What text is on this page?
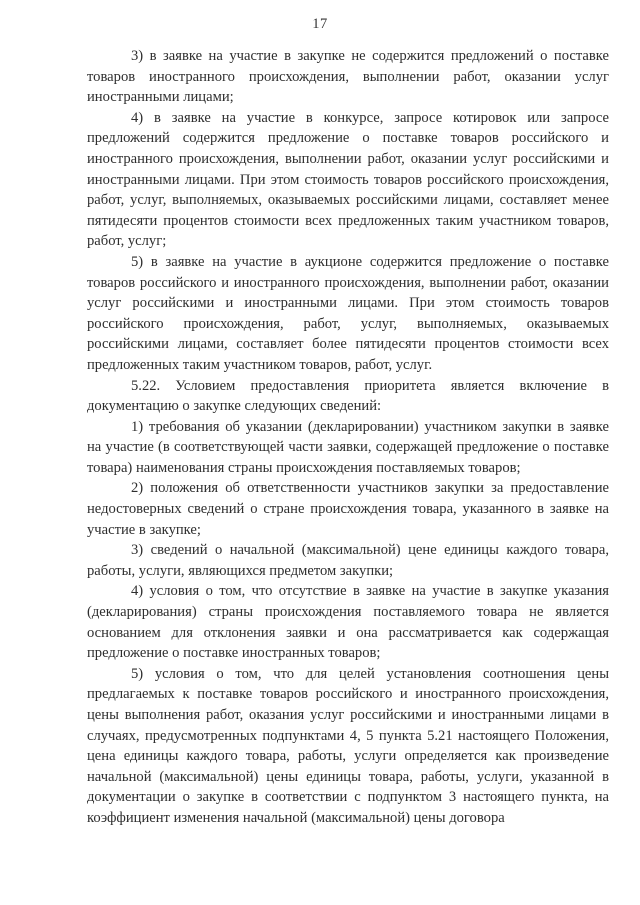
17

3) в заявке на участие в закупке не содержится предложений о поставке товаров иностранного происхождения, выполнении работ, оказании услуг иностранными лицами;

4) в заявке на участие в конкурсе, запросе котировок или запросе предложений содержится предложение о поставке товаров российского и иностранного происхождения, выполнении работ, оказании услуг российскими и иностранными лицами. При этом стоимость товаров российского происхождения, работ, услуг, выполняемых, оказываемых российскими лицами, составляет менее пятидесяти процентов стоимости всех предложенных таким участником товаров, работ, услуг;

5) в заявке на участие в аукционе содержится предложение о поставке товаров российского и иностранного происхождения, выполнении работ, оказании услуг российскими и иностранными лицами. При этом стоимость товаров российского происхождения, работ, услуг, выполняемых, оказываемых российскими лицами, составляет более пятидесяти процентов стоимости всех предложенных таким участником товаров, работ, услуг.

5.22. Условием предоставления приоритета является включение в документацию о закупке следующих сведений:

1) требования об указании (декларировании) участником закупки в заявке на участие (в соответствующей части заявки, содержащей предложение о поставке товара) наименования страны происхождения поставляемых товаров;

2) положения об ответственности участников закупки за предоставление недостоверных сведений о стране происхождения товара, указанного в заявке на участие в закупке;

3) сведений о начальной (максимальной) цене единицы каждого товара, работы, услуги, являющихся предметом закупки;

4) условия о том, что отсутствие в заявке на участие в закупке указания (декларирования) страны происхождения поставляемого товара не является основанием для отклонения заявки и она рассматривается как содержащая предложение о поставке иностранных товаров;

5) условия о том, что для целей установления соотношения цены предлагаемых к поставке товаров российского и иностранного происхождения, цены выполнения работ, оказания услуг российскими и иностранными лицами в случаях, предусмотренных подпунктами 4, 5 пункта 5.21 настоящего Положения, цена единицы каждого товара, работы, услуги определяется как произведение начальной (максимальной) цены единицы товара, работы, услуги, указанной в документации о закупке в соответствии с подпунктом 3 настоящего пункта, на коэффициент изменения начальной (максимальной) цены договора
